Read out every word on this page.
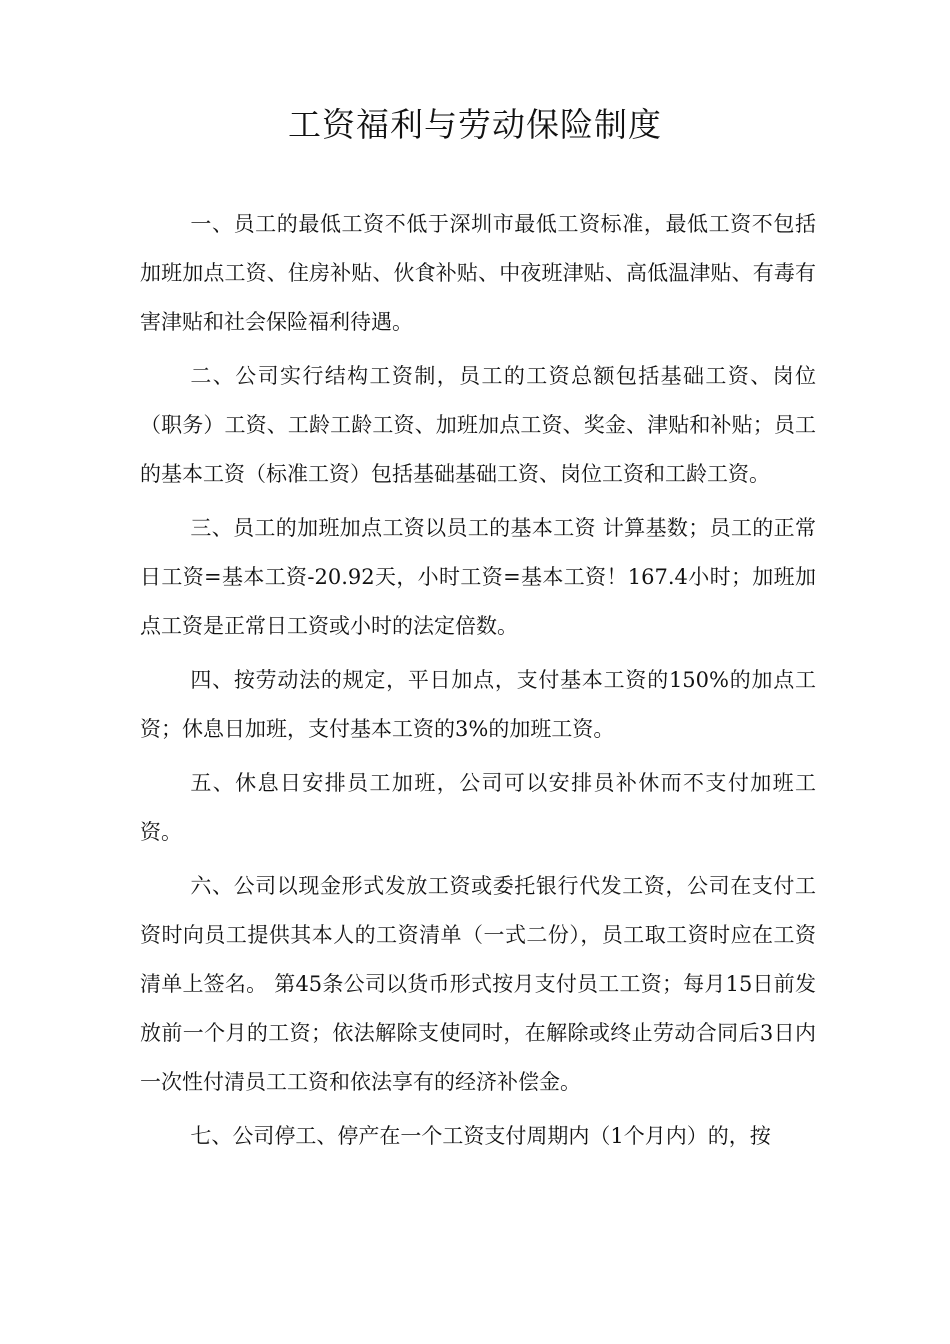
工资福利与劳动保险制度

一、员工的最低工资不低于深圳市最低工资标准，最低工资不包括加班加点工资、住房补贴、伙食补贴、中夜班津贴、高低温津贴、有毒有害津贴和社会保险福利待遇。

二、公司实行结构工资制，员工的工资总额包括基础工资、岗位（职务）工资、工龄工龄工资、加班加点工资、奖金、津贴和补贴；员工的基本工资（标准工资）包括基础基础工资、岗位工资和工龄工资。

三、员工的加班加点工资以员工的基本工资 计算基数；员工的正常日工资=基本工资-20.92天，小时工资=基本工资！167.4小时；加班加点工资是正常日工资或小时的法定倍数。

四、按劳动法的规定，平日加点，支付基本工资的150%的加点工资；休息日加班，支付基本工资的3%的加班工资。

五、休息日安排员工加班，公司可以安排员补休而不支付加班工资。

六、公司以现金形式发放工资或委托银行代发工资，公司在支付工资时向员工提供其本人的工资清单（一式二份），员工取工资时应在工资清单上签名。 第45条公司以货币形式按月支付员工工资；每月15日前发放前一个月的工资；依法解除支使同时，在解除或终止劳动合同后3日内一次性付清员工工资和依法享有的经济补偿金。

七、公司停工、停产在一个工资支付周期内（1个月内）的，按
